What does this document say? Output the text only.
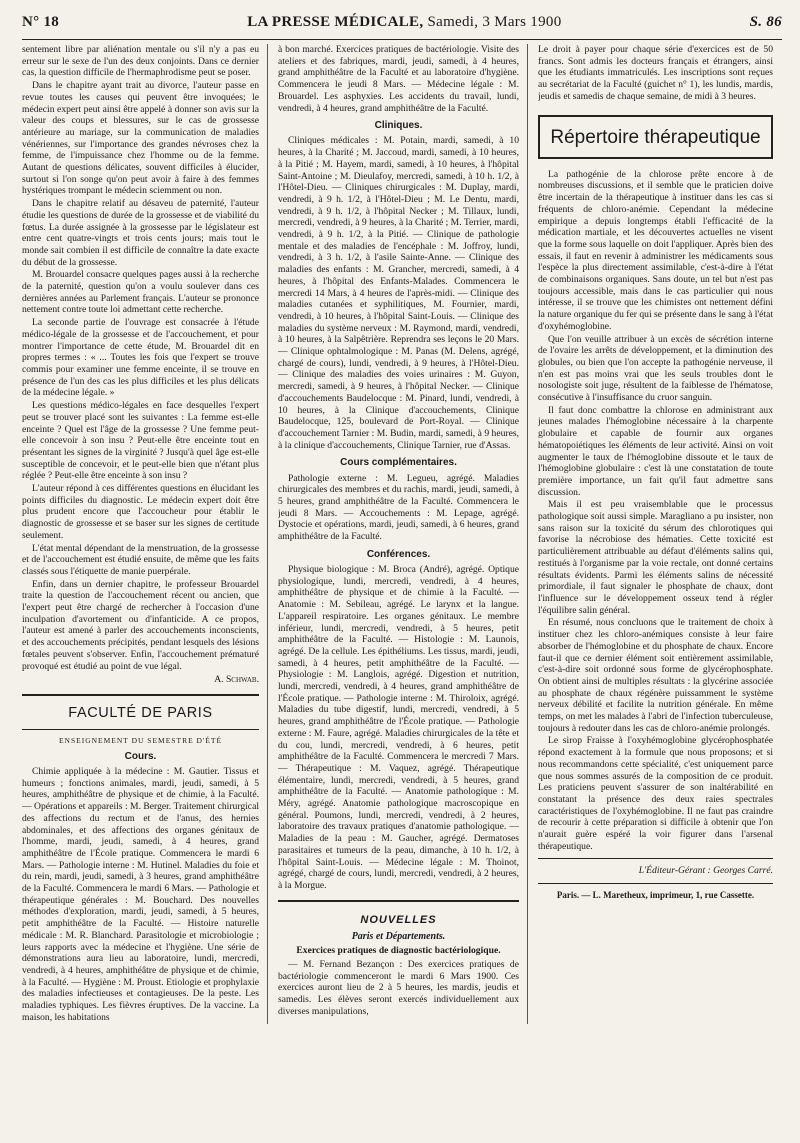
N° 18	LA PRESSE MÉDICALE, Samedi, 3 Mars 1900	S. 86

sentement libre par aliénation mentale ou s'il n'y a pas eu erreur sur le sexe de l'un des deux conjoints. Dans ce dernier cas, la question difficile de l'hermaphrodisme peut se poser.

Dans le chapitre ayant trait au divorce, l'auteur passe en revue toutes les causes qui peuvent être invoquées; le médecin expert peut ainsi être appelé à donner son avis sur la valeur des coups et blessures, sur le cas de grossesse antérieure au mariage, sur la communication de maladies vénériennes, sur l'importance des grandes névroses chez la femme, de l'impuissance chez l'homme ou de la femme. Autant de questions délicates, souvent difficiles à élucider, surtout si l'on songe qu'on peut avoir à faire à des femmes hystériques trompant le médecin sciemment ou non.

Dans le chapitre relatif au désaveu de paternité, l'auteur étudie les questions de durée de la grossesse et de viabilité du fœtus. La durée assignée à la grossesse par le législateur est entre cent quatre-vingts et trois cents jours; mais tout le monde sait combien il est difficile de connaître la date exacte du début de la grossesse.

M. Brouardel consacre quelques pages aussi à la recherche de la paternité, question qu'on a voulu soulever dans ces dernières années au Parlement français. L'auteur se prononce nettement contre toute loi admettant cette recherche.

La seconde partie de l'ouvrage est consacrée à l'étude médico-légale de la grossesse et de l'accouchement, et pour montrer l'importance de cette étude, M. Brouardel dit en propres termes : « ... Toutes les fois que l'expert se trouve commis pour examiner une femme enceinte, il se trouve en présence de l'un des cas les plus difficiles et les plus délicats de la médecine légale. »

Les questions médico-légales en face desquelles l'expert peut se trouver placé sont les suivantes : La femme est-elle enceinte ? Quel est l'âge de la grossesse ? Une femme peut-elle concevoir à son insu ? Peut-elle être enceinte tout en présentant les signes de la virginité ? Jusqu'à quel âge est-elle susceptible de concevoir, et le peut-elle bien que n'étant plus réglée ? Peut-elle être enceinte à son insu ?

L'auteur répond à ces différentes questions en élucidant les points difficiles du diagnostic. Le médecin expert doit être plus prudent encore que l'accoucheur pour établir le diagnostic de grossesse et se baser sur les signes de certitude seulement.

L'état mental dépendant de la menstruation, de la grossesse et de l'accouchement est étudié ensuite, de même que les faits classés sous l'étiquette de manie puerpérale.

Enfin, dans un dernier chapitre, le professeur Brouardel traite la question de l'accouchement récent ou ancien, que l'expert peut être chargé de rechercher à l'occasion d'une inculpation d'avortement ou d'infanticide. A ce propos, l'auteur est amené à parler des accouchements inconscients, et des accouchements précipités, pendant lesquels des lésions fœtales peuvent s'observer. Enfin, l'accouchement prématuré provoqué est étudié au point de vue légal.

A. Schwab.
FACULTÉ DE PARIS
ENSEIGNEMENT DU SEMESTRE D'ÉTÉ
Cours.

Chimie appliquée à la médecine : M. Gautier. Tissus et humeurs ; fonctions animales, mardi, jeudi, samedi, à 5 heures, amphithéâtre de physique et de chimie, à la Faculté. — Opérations et appareils : M. Berger. Traitement chirurgical des affections du rectum et de l'anus, des hernies abdominales, et des affections des organes génitaux de l'homme, mardi, jeudi, samedi, à 4 heures, grand amphithéâtre de l'École pratique. Commencera le mardi 6 Mars. — Pathologie interne : M. Hutinel. Maladies du foie et du rein, mardi, jeudi, samedi, à 3 heures, grand amphithéâtre de la Faculté. Commencera le mardi 6 Mars. — Pathologie et thérapeutique générales : M. Bouchard. Des nouvelles méthodes d'exploration, mardi, jeudi, samedi, à 5 heures, petit amphithéâtre de la Faculté. — Histoire naturelle médicale : M. R. Blanchard. Parasitologie et microbiologie ; leurs rapports avec la médecine et l'hygiène. Une série de démonstrations aura lieu au laboratoire, lundi, mercredi, vendredi, à 4 heures, amphithéâtre de physique et de chimie, à la Faculté. — Hygiène : M. Proust. Etiologie et prophylaxie des maladies infectieuses et contagieuses. De la peste. Les maladies typhiques. Les fièvres éruptives. De la vaccine. La maison, les habitations

à bon marché. Exercices pratiques de bactériologie. Visite des ateliers et des fabriques, mardi, jeudi, samedi, à 4 heures, grand amphithéâtre de la Faculté et au laboratoire d'hygiène. Commencera le jeudi 8 Mars. — Médecine légale : M. Brouardel. Les asphyxies. Les accidents du travail, lundi, vendredi, à 4 heures, grand amphithéâtre de la Faculté.

Cliniques.

Cliniques médicales : M. Potain, mardi, samedi, à 10 heures, à la Charité ; M. Jaccoud, mardi, samedi, à 10 heures, à la Pitié ; M. Hayem, mardi, samedi, à 10 heures, à l'hôpital Saint-Antoine ; M. Dieulafoy, mercredi, samedi, à 10 h. 1/2, à l'Hôtel-Dieu. — Cliniques chirurgicales : M. Duplay, mardi, vendredi, à 9 h. 1/2, à l'Hôtel-Dieu ; M. Le Dentu, mardi, vendredi, à 9 h. 1/2, à l'hôpital Necker ; M. Tillaux, lundi, mercredi, vendredi, à 9 heures, à la Charité ; M. Terrier, mardi, vendredi, à 9 h. 1/2, à la Pitié. — Clinique de pathologie mentale et des maladies de l'encéphale : M. Joffroy, lundi, vendredi, à 3 h. 1/2, à l'asile Sainte-Anne. — Clinique des maladies des enfants : M. Grancher, mercredi, samedi, à 4 heures, à l'hôpital des Enfants-Malades. Commencera le mercredi 14 Mars, à 4 heures de l'après-midi. — Clinique des maladies cutanées et syphilitiques, M. Fournier, mardi, vendredi, à 10 heures, à l'hôpital Saint-Louis. — Clinique des maladies du système nerveux : M. Raymond, mardi, vendredi, à 10 heures, à la Salpêtrière. Reprendra ses leçons le 20 Mars. — Clinique ophtalmologique : M. Panas (M. Delens, agrégé, chargé de cours), lundi, vendredi, à 9 heures, à l'Hôtel-Dieu. — Clinique des maladies des voies urinaires : M. Guyon, mercredi, samedi, à 9 heures, à l'hôpital Necker. — Clinique d'accouchements Baudelocque : M. Pinard, lundi, vendredi, à 10 heures, à la Clinique d'accouchements, Clinique Baudelocque, 125, boulevard de Port-Royal. — Clinique d'accouchement Tarnier : M. Budin, mardi, samedi, à 9 heures, à la clinique d'accouchements, Clinique Tarnier, rue d'Assas.

Cours complémentaires.

Pathologie externe : M. Legueu, agrégé. Maladies chirurgicales des membres et du rachis, mardi, jeudi, samedi, à 5 heures, grand amphithéâtre de la Faculté. Commencera le jeudi 8 Mars. — Accouchements : M. Lepage, agrégé. Dystocie et opérations, mardi, jeudi, samedi, à 6 heures, grand amphithéâtre de la Faculté.

Conférences.

Physique biologique : M. Broca (André), agrégé. Optique physiologique, lundi, mercredi, vendredi, à 4 heures, amphithéâtre de physique et de chimie à la Faculté. — Anatomie : M. Sebileau, agrégé. Le larynx et la langue. L'appareil respiratoire. Les organes génitaux. Le membre inférieur, lundi, mercredi, vendredi, à 5 heures, petit amphithéâtre de la Faculté. — Histologie : M. Launois, agrégé. De la cellule. Les épithéliums. Les tissus, mardi, jeudi, samedi, à 4 heures, petit amphithéâtre de la Faculté. — Physiologie : M. Langlois, agrégé. Digestion et nutrition, lundi, mercredi, vendredi, à 4 heures, grand amphithéâtre de l'École pratique. — Pathologie interne : M. Thiroloix, agrégé. Maladies du tube digestif, lundi, mercredi, vendredi, à 5 heures, grand amphithéâtre de l'École pratique. — Pathologie externe : M. Faure, agrégé. Maladies chirurgicales de la tête et du cou, lundi, mercredi, vendredi, à 6 heures, petit amphithéâtre de la Faculté. Commencera le mercredi 7 Mars. — Thérapeutique : M. Vaquez, agrégé. Thérapeutique élémentaire, lundi, mercredi, vendredi, à 5 heures, grand amphithéâtre de la Faculté. — Anatomie pathologique : M. Méry, agrégé. Anatomie pathologique macroscopique en général. Poumons, lundi, mercredi, vendredi, à 2 heures, laboratoire des travaux pratiques d'anatomie pathologique. — Maladies de la peau : M. Gaucher, agrégé. Dermatoses parasitaires et tumeurs de la peau, dimanche, à 10 h. 1/2, à l'hôpital Saint-Louis. — Médecine légale : M. Thoinot, agrégé, chargé de cours, lundi, mercredi, vendredi, à 2 heures, à la Morgue.

NOUVELLES
Paris et Départements.
Exercices pratiques de diagnostic bactériologique.

— M. Fernand Bezançon : Des exercices pratiques de bactériologie commenceront le mardi 6 Mars 1900. Ces exercices auront lieu de 2 à 5 heures, les mardis, jeudis et samedis. Les élèves seront exercés individuellement aux diverses manipulations,

Le droit à payer pour chaque série d'exercices est de 50 francs. Sont admis les docteurs français et étrangers, ainsi que les étudiants immatriculés. Les inscriptions sont reçues au secrétariat de la Faculté (guichet n° 1), les lundis, mardis, jeudis et samedis de chaque semaine, de midi à 3 heures.

Répertoire thérapeutique

La pathogénie de la chlorose prête encore à de nombreuses discussions, et il semble que le praticien doive être incertain de la thérapeutique à instituer dans les cas si fréquents de chloro-anémie. Cependant la médecine empirique a depuis longtemps établi l'efficacité de la médication martiale, et les découvertes actuelles ne visent que la forme sous laquelle on doit l'appliquer. Après bien des essais, il faut en revenir à administrer les médicaments sous l'espèce la plus directement assimilable, c'est-à-dire à l'état de combinaisons organiques. Sans doute, un tel but n'est pas toujours accessible, mais dans le cas particulier qui nous intéresse, il se trouve que les chimistes ont nettement défini la nature organique du fer qui se présente dans le sang à l'état d'oxyhémoglobine.

Que l'on veuille attribuer à un excès de sécrétion interne de l'ovaire les arrêts de développement, et la diminution des globules, ou bien que l'on accepte la pathogénie nerveuse, il n'en est pas moins vrai que les seuls troubles dont le nosologiste soit juge, résultent de la faiblesse de l'hématose, consécutive à l'insuffisance du cruor sanguin.

Il faut donc combattre la chlorose en administrant aux jeunes malades l'hémoglobine nécessaire à la charpente globulaire et capable de fournir aux organes hématopoiétiques les éléments de leur activité. Ainsi on voit augmenter le taux de l'hémoglobine dissoute et le taux de l'hémoglobine globulaire : c'est là une constatation de toute première importance, un fait qu'il faut admettre sans discussion.

Mais il est peu vraisemblable que le processus pathologique soit aussi simple. Maragliano a pu insister, non sans raison sur la toxicité du sérum des chlorotiques qui favorise la nécrobiose des hématies. Cette toxicité est particulièrement attribuable au défaut d'éléments salins qui, restitués à l'organisme par la voie rectale, ont donné certains résultats évidents. Parmi les éléments salins de nécessité primordiale, il faut signaler le phosphate de chaux, dont l'influence sur le développement osseux tend à régler l'équilibre salin général.

En résumé, nous concluons que le traitement de choix à instituer chez les chloro-anémiques consiste à leur faire absorber de l'hémoglobine et du phosphate de chaux. Encore faut-il que ce dernier élément soit entièrement assimilable, c'est-à-dire soit ordonné sous forme de glycérophosphate. On obtient ainsi de multiples résultats : la glycérine associée au phosphate de chaux régénère puissamment le système nerveux débilité et facilite la nutrition générale. En même temps, on met les malades à l'abri de l'infection tuberculeuse, toujours à redouter dans les cas de chloro-anémie prolongés.

Le sirop Fraisse à l'oxyhémoglobine glycérophosphatée répond exactement à la formule que nous proposons; et si nous recommandons cette spécialité, c'est uniquement parce que nous sommes assurés de la composition de ce produit. Les praticiens peuvent s'assurer de son inaltérabilité en constatant la présence des deux raies spectrales caractéristiques de l'oxyhémoglobine. Il ne faut pas craindre de recourir à cette préparation si difficile à obtenir que l'on n'aurait guère espéré la voir figurer dans l'arsenal thérapeutique.

L'Éditeur-Gérant : Georges Carré.
Paris. — L. Maretheux, imprimeur, 1, rue Cassette.
